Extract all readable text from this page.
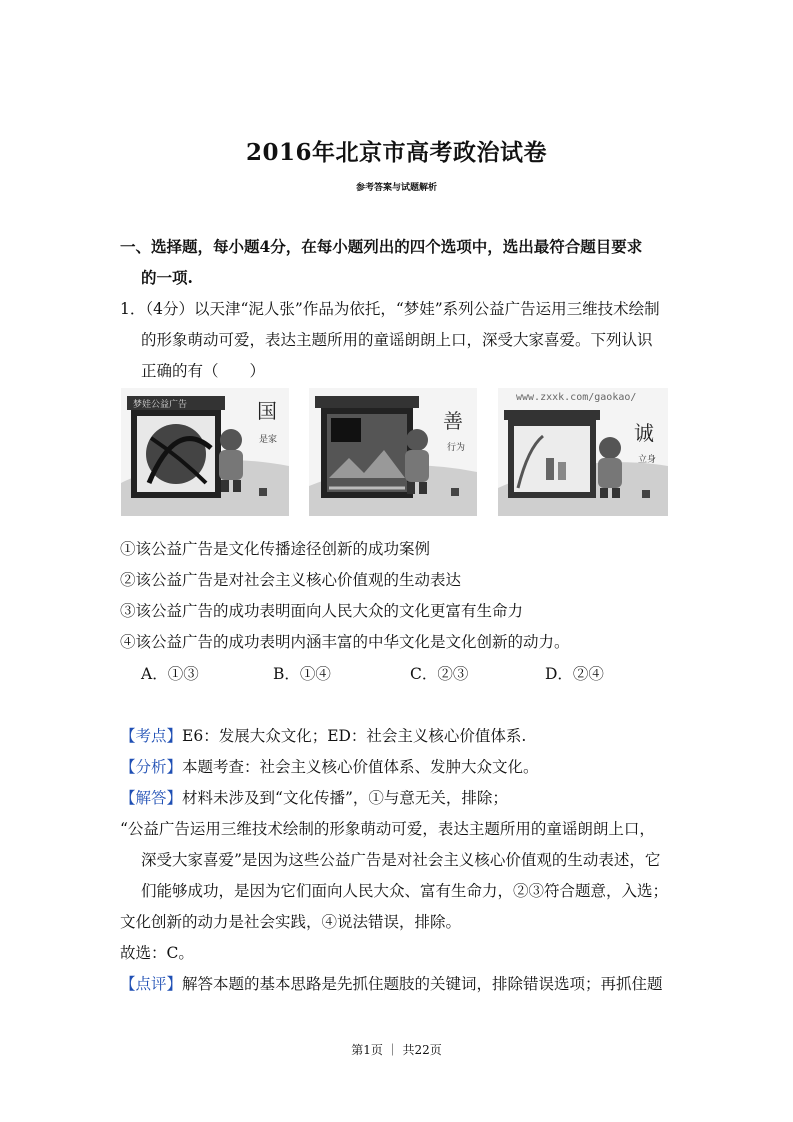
2016年北京市高考政治试卷
参考答案与试题解析
一、选择题，每小题4分，在每小题列出的四个选项中，选出最符合题目要求
的一项.
1．（4分）以天津“泥人张”作品为依托，“梦娃”系列公益广告运用三维技术绘制
的形象萌动可爱，表达主题所用的童谣朗朗上口，深受大家喜爱。下列认识
正确的有（　　）
国
是家
梦娃公益广告
善
行为
www.zxxk.com/gaokao/
诚
立身
①该公益广告是文化传播途径创新的成功案例
②该公益广告是对社会主义核心价值观的生动表达
③该公益广告的成功表明面向人民大众的文化更富有生命力
④该公益广告的成功表明内涵丰富的中华文化是文化创新的动力。
A．①③	B．①④	C．②③	D．②④
【考点】E6：发展大众文化；ED：社会主义核心价值体系.
【分析】本题考查：社会主义核心价值体系、发肿大众文化。
【解答】材料未涉及到“文化传播”，①与意无关，排除；
“公益广告运用三维技术绘制的形象萌动可爱，表达主题所用的童谣朗朗上口，
深受大家喜爱”是因为这些公益广告是对社会主义核心价值观的生动表述，它
们能够成功，是因为它们面向人民大众、富有生命力，②③符合题意，入选；
文化创新的动力是社会实践，④说法错误，排除。
故选：C。
【点评】解答本题的基本思路是先抓住题肢的关键词，排除错误选项；再抓住题
第1页 ｜ 共22页
